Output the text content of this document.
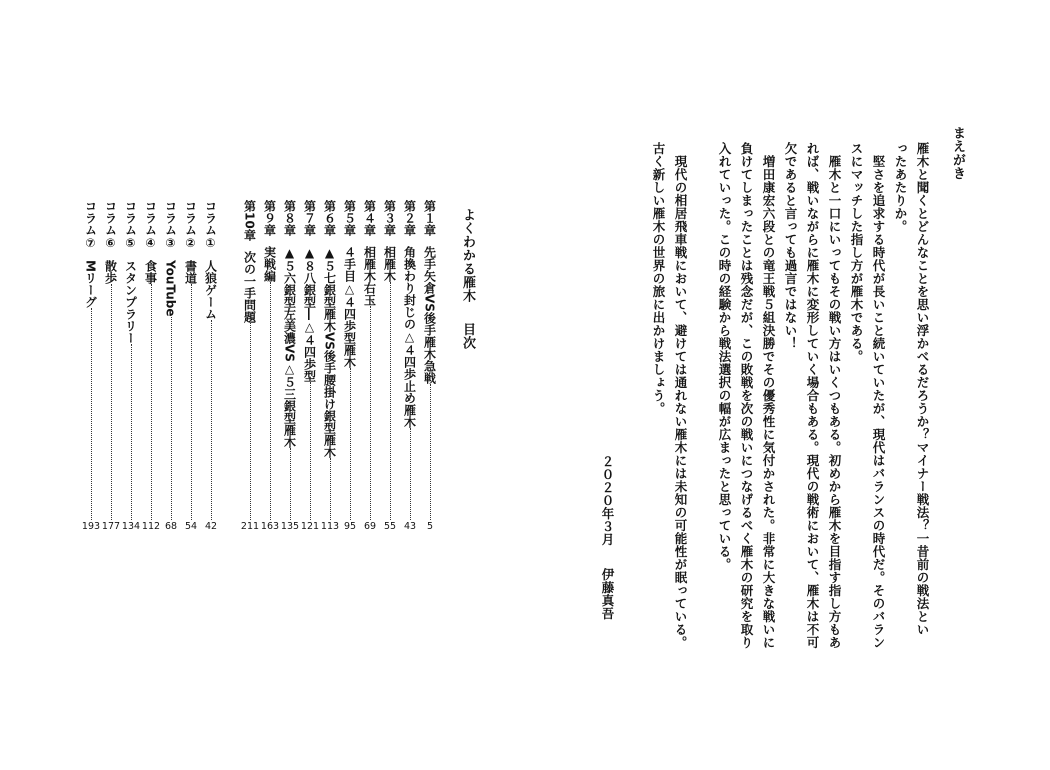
まえがき
雁木と聞くとどんなことを思い浮かべるだろうか？マイナー戦法？一昔前の戦法とい
ったあたりか。
堅さを追求する時代が長いこと続いていたが、現代はバランスの時代だ。そのバラン
スにマッチした指し方が雁木である。
雁木と一口にいってもその戦い方はいくつもある。初めから雁木を目指す指し方もあ
れば、戦いながらに雁木に変形していく場合もある。現代の戦術において、雁木は不可
欠であると言っても過言ではない！
増田康宏六段との竜王戦５組決勝でその優秀性に気付かされた。非常に大きな戦いに
負けてしまったことは残念だが、この敗戦を次の戦いにつなげるべく雁木の研究を取り
入れていった。この時の経験から戦法選択の幅が広まったと思っている。
現代の相居飛車戦において、避けては通れない雁木には未知の可能性が眠っている。
古く新しい雁木の世界の旅に出かけましょう。
２０２０年３月伊藤真吾
よくわかる雁木目次
第１章先手矢倉VS後手雁木急戦
第２章角換わり封じの△４四歩止め雁木
第３章相雁木
第４章相雁木右玉
第５章４手目△４四歩型雁木
第６章▲５七銀型雁木VS後手腰掛け銀型雁木
第７章▲８八銀型―△４四歩型
第８章▲５六銀型左美濃VS△５三銀型雁木
第９章実戦編
第10章次の一手問題
コラム①人狼ゲーム
コラム②書道
コラム③YouTube
コラム④食事
コラム⑤スタンプラリー
コラム⑥散歩
コラム⑦Mリーグ
5
43
55
69
95
113
121
135
163
211
42
54
68
112
134
177
193
